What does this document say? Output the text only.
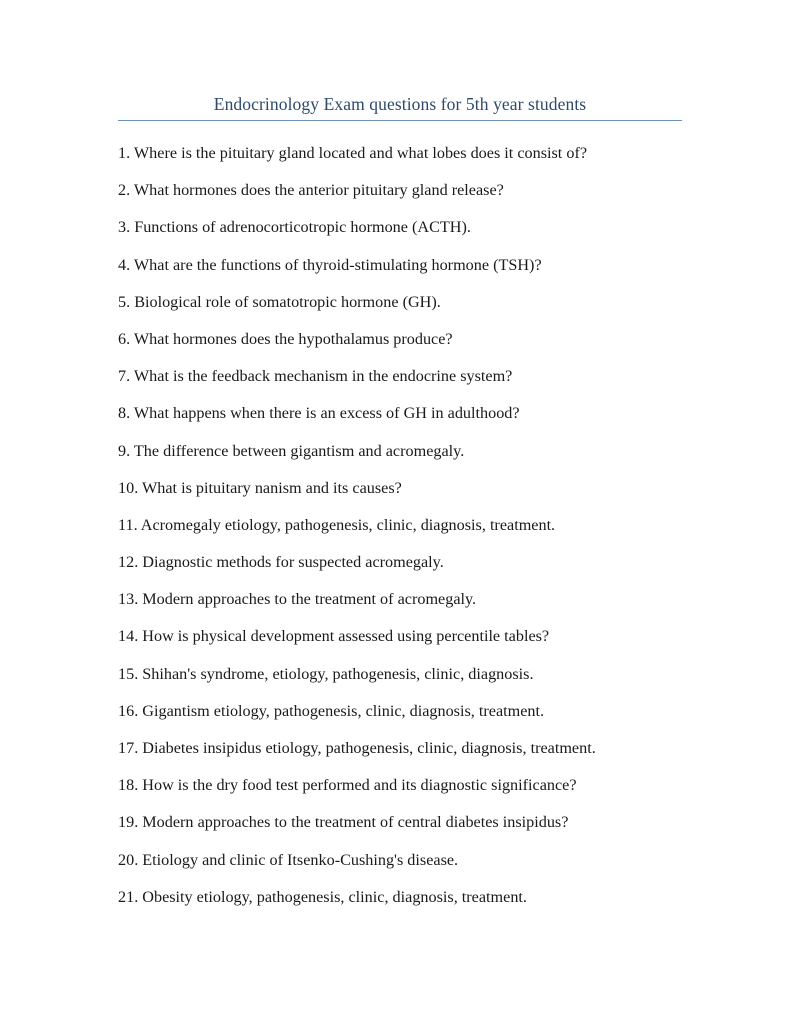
Endocrinology Exam questions for 5th year students
1. Where is the pituitary gland located and what lobes does it consist of?
2. What hormones does the anterior pituitary gland release?
3. Functions of adrenocorticotropic hormone (ACTH).
4. What are the functions of thyroid-stimulating hormone (TSH)?
5. Biological role of somatotropic hormone (GH).
6. What hormones does the hypothalamus produce?
7. What is the feedback mechanism in the endocrine system?
8. What happens when there is an excess of GH in adulthood?
9. The difference between gigantism and acromegaly.
10. What is pituitary nanism and its causes?
11. Acromegaly etiology, pathogenesis, clinic, diagnosis, treatment.
12. Diagnostic methods for suspected acromegaly.
13. Modern approaches to the treatment of acromegaly.
14. How is physical development assessed using percentile tables?
15. Shihan's syndrome, etiology, pathogenesis, clinic, diagnosis.
16. Gigantism etiology, pathogenesis, clinic, diagnosis, treatment.
17. Diabetes insipidus etiology, pathogenesis, clinic, diagnosis, treatment.
18. How is the dry food test performed and its diagnostic significance?
19. Modern approaches to the treatment of central diabetes insipidus?
20. Etiology and clinic of Itsenko-Cushing's disease.
21. Obesity etiology, pathogenesis, clinic, diagnosis, treatment.
